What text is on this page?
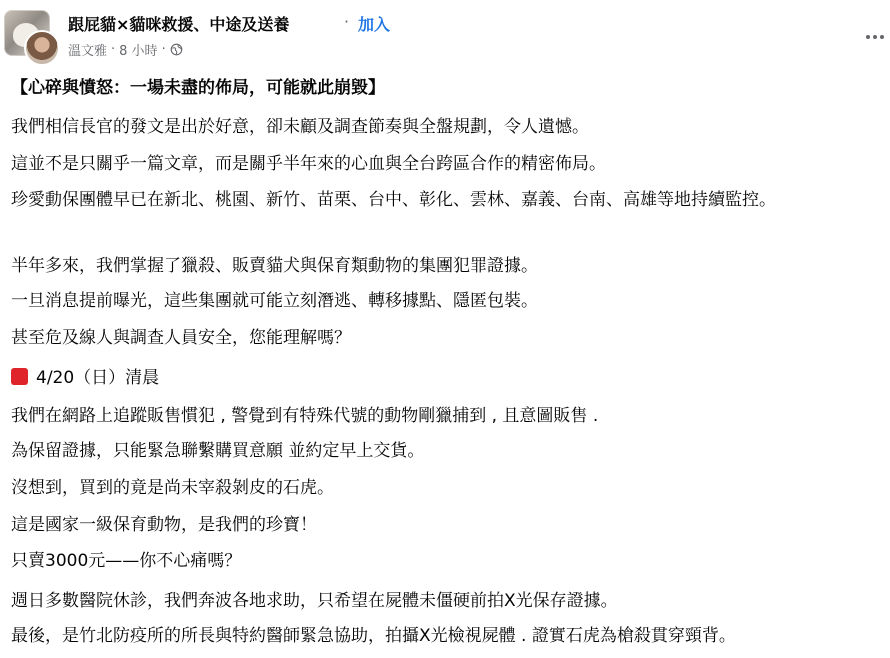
跟屁貓×貓咪救援、中途及送養	· 加入
溫文雅 · 8 小時 ·
【心碎與憤怒：一場未盡的佈局，可能就此崩毀】
我們相信長官的發文是出於好意，卻未顧及調查節奏與全盤規劃，令人遺憾。
這並不是只關乎一篇文章，而是關乎半年來的心血與全台跨區合作的精密佈局。
珍愛動保團體早已在新北、桃園、新竹、苗栗、台中、彰化、雲林、嘉義、台南、高雄等地持續監控。
半年多來，我們掌握了獵殺、販賣貓犬與保育類動物的集團犯罪證據。
一旦消息提前曝光，這些集團就可能立刻潛逃、轉移據點、隱匿包裝。
甚至危及線人與調查人員安全，您能理解嗎？
4/20（日）清晨
我們在網路上追蹤販售慣犯 , 警覺到有特殊代號的動物剛獵捕到 , 且意圖販售 .
為保留證據，只能緊急聯繫購買意願 並約定早上交貨。
沒想到，買到的竟是尚未宰殺剝皮的石虎。
這是國家一級保育動物，是我們的珍寶！
只賣3000元——你不心痛嗎？
週日多數醫院休診，我們奔波各地求助，只希望在屍體未僵硬前拍X光保存證據。
最後，是竹北防疫所的所長與特約醫師緊急協助，拍攝X光檢視屍體 . 證實石虎為槍殺貫穿頸背。
